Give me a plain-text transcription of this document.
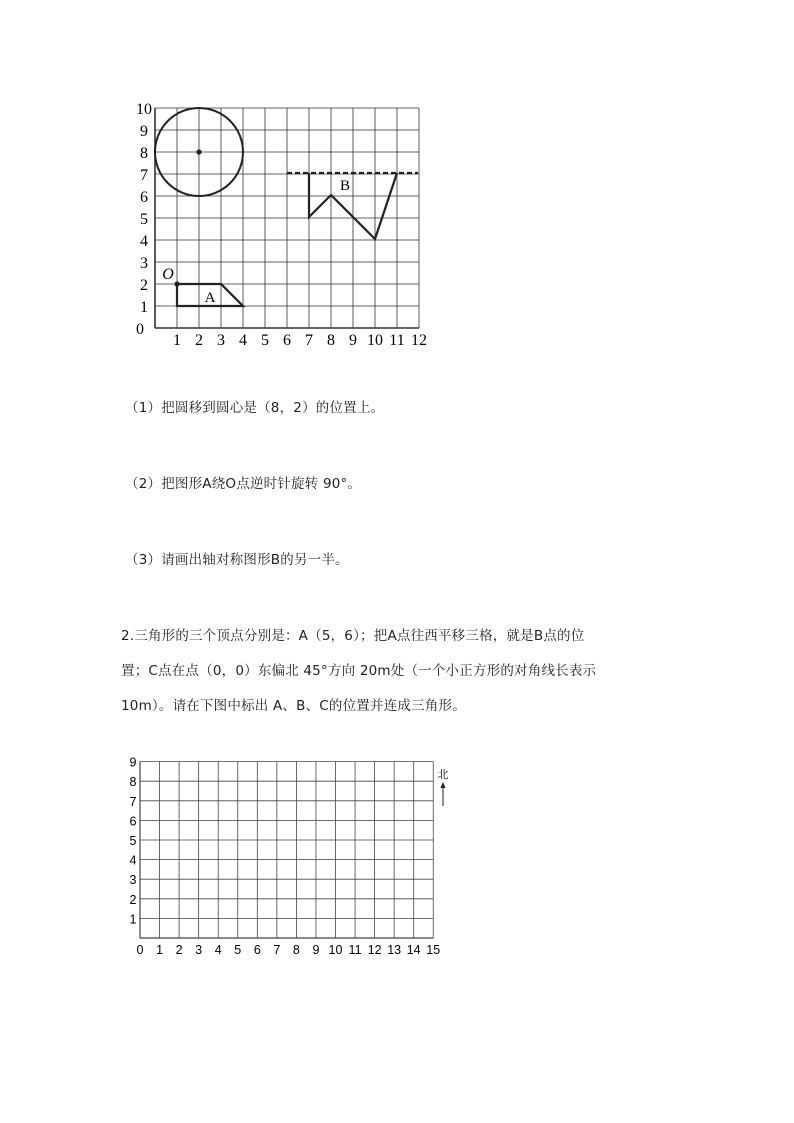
10
9
8
7
6
5
4
3
2
1
1 2 3 4 5 6 7 8 9 10 11 12
0
O
A
B
（1）把圆移到圆心是（8，2）的位置上。
（2）把图形A绕O点逆时针旋转 90°。
（3）请画出轴对称图形B的另一半。
2.三角形的三个顶点分别是：A（5，6）；把A点往西平移三格，就是B点的位
置；C点在点（0，0）东偏北 45°方向 20m处（一个小正方形的对角线长表示
10m）。请在下图中标出 A、B、C的位置并连成三角形。
9
8
7
6
5
4
3
2
1
0 1 2 3 4 5 6 7 8 9 10 11 12 13 14 15
北
